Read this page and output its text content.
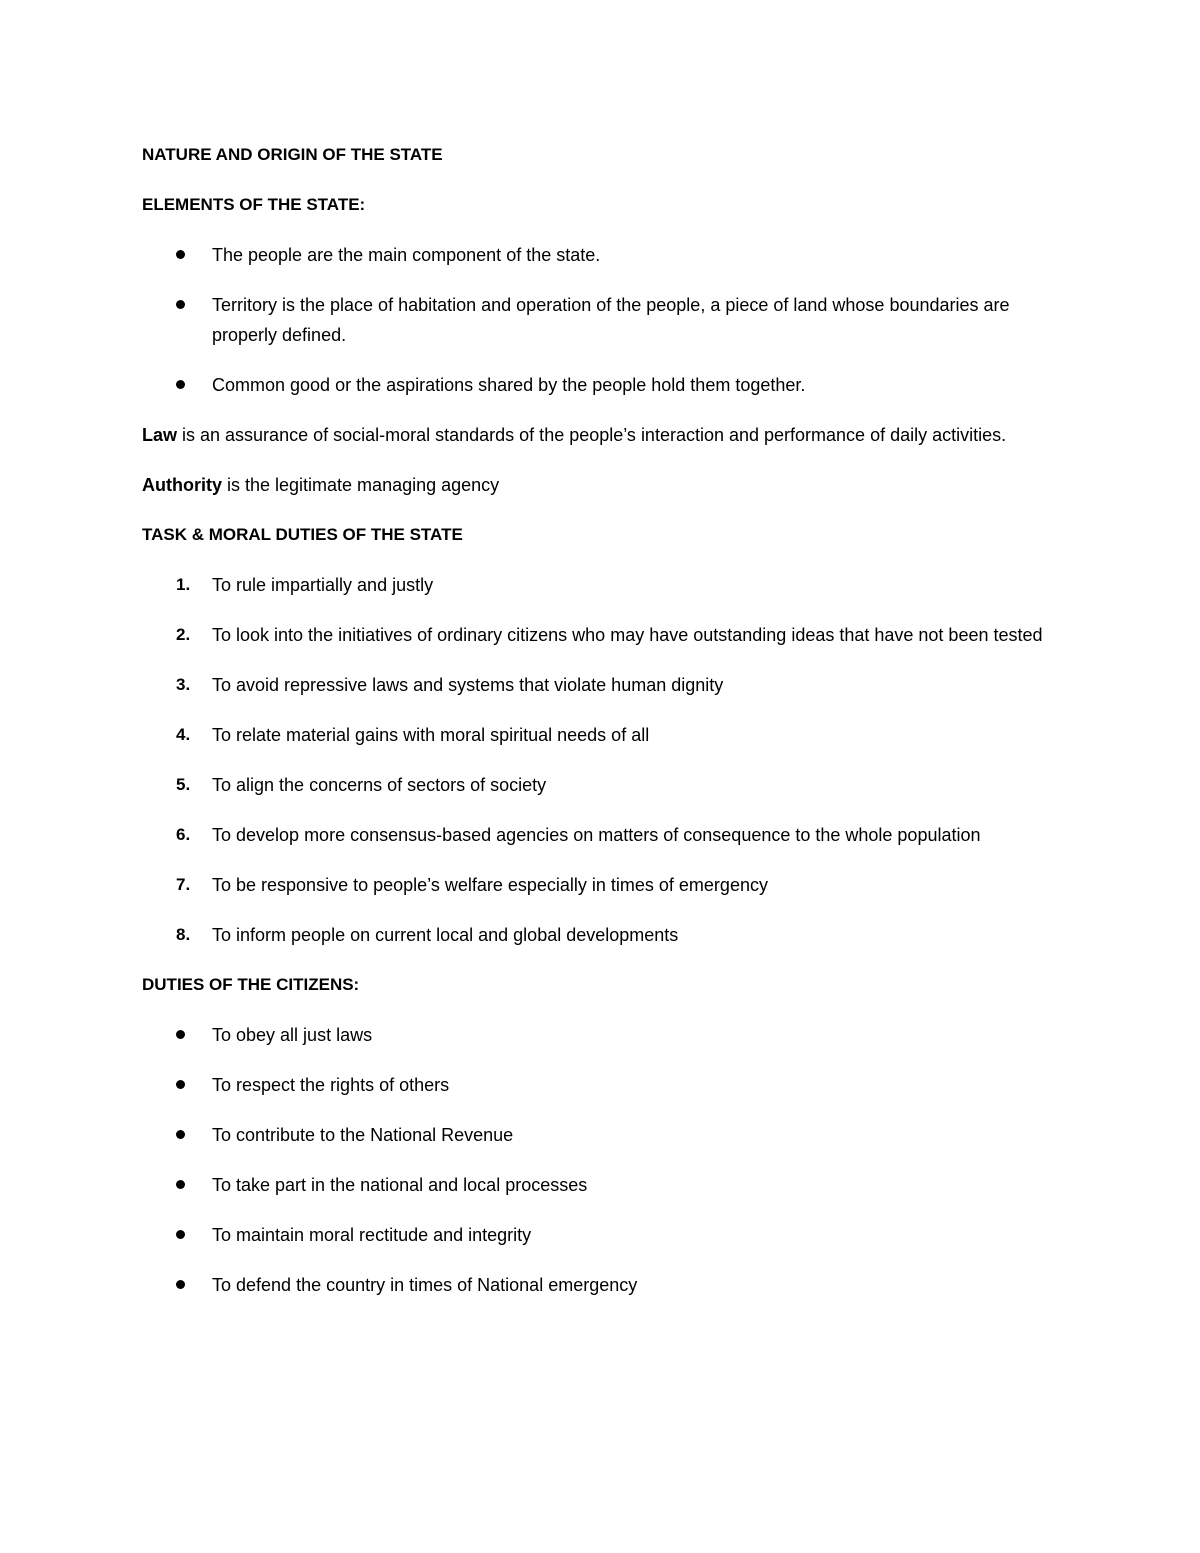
NATURE AND ORIGIN OF THE STATE
ELEMENTS OF THE STATE:
The people are the main component of the state.
Territory is the place of habitation and operation of the people, a piece of land whose boundaries are properly defined.
Common good or the aspirations shared by the people hold them together.
Law is an assurance of social-moral standards of the people’s interaction and performance of daily activities.
Authority is the legitimate managing agency
TASK & MORAL DUTIES OF THE STATE
1. To rule impartially and justly
2. To look into the initiatives of ordinary citizens who may have outstanding ideas that have not been tested
3. To avoid repressive laws and systems that violate human dignity
4. To relate material gains with moral spiritual needs of all
5. To align the concerns of sectors of society
6. To develop more consensus-based agencies on matters of consequence to the whole population
7. To be responsive to people’s welfare especially in times of emergency
8. To inform people on current local and global developments
DUTIES OF THE CITIZENS:
To obey all just laws
To respect the rights of others
To contribute to the National Revenue
To take part in the national and local processes
To maintain moral rectitude and integrity
To defend the country in times of National emergency
